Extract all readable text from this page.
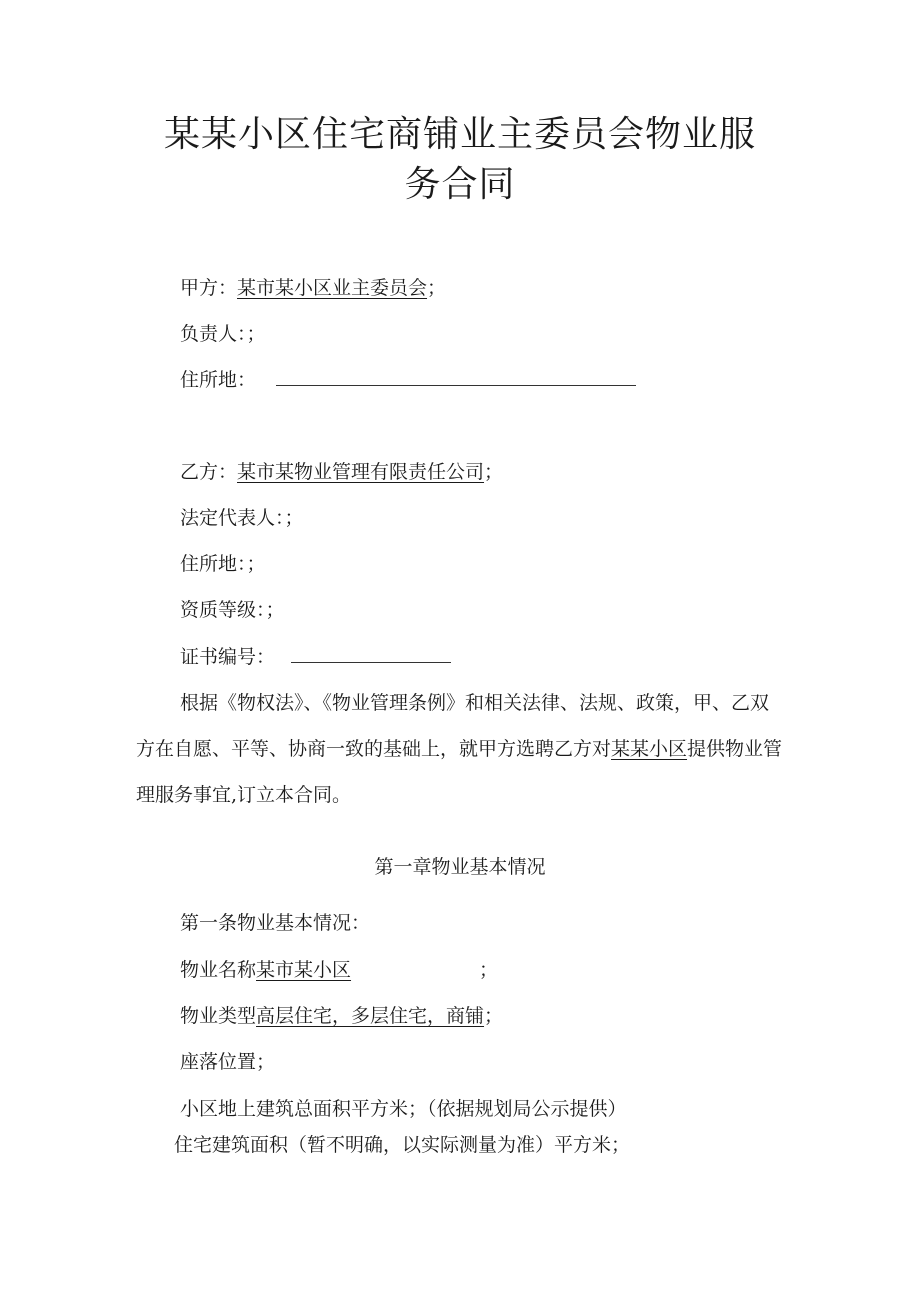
某某小区住宅商铺业主委员会物业服务合同
甲方：某市某小区业主委员会；
负责人：；
住所地：
乙方：某市某物业管理有限责任公司；
法定代表人：；
住所地：；
资质等级：；
证书编号：
根据《物权法》、《物业管理条例》和相关法律、法规、政策，甲、乙双方在自愿、平等、协商一致的基础上，就甲方选聘乙方对某某小区提供物业管理服务事宜,订立本合同。
第一章物业基本情况
第一条物业基本情况：
物业名称某市某小区	；
物业类型高层住宅，多层住宅，商铺；
座落位置；
小区地上建筑总面积平方米；（依据规划局公示提供）
住宅建筑面积（暂不明确，以实际测量为准）平方米；
